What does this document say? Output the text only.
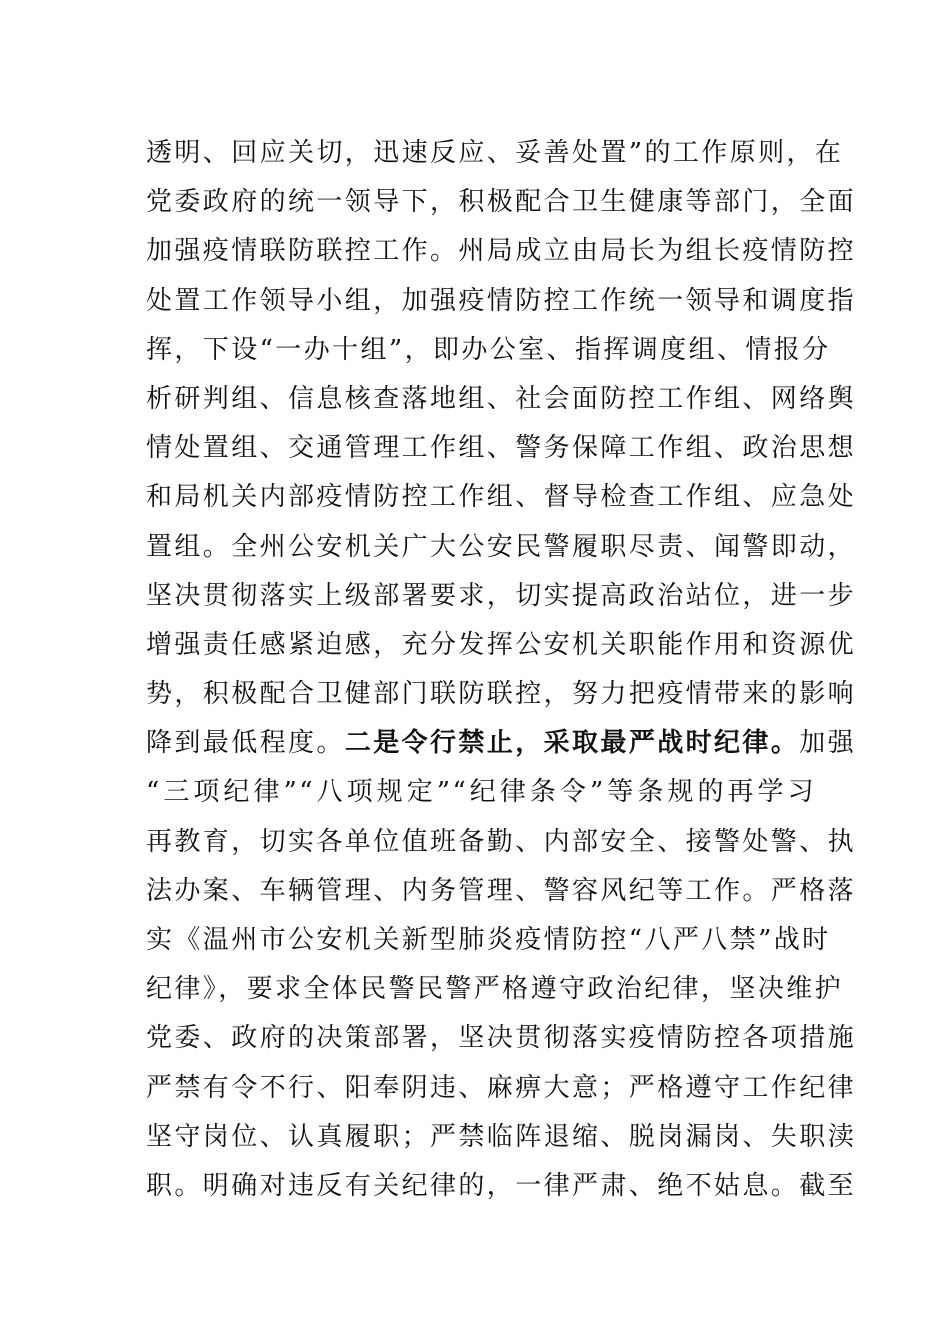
透明、回应关切，迅速反应、妥善处置”的工作原则，在
党委政府的统一领导下，积极配合卫生健康等部门，全面
加强疫情联防联控工作。州局成立由局长为组长疫情防控
处置工作领导小组，加强疫情防控工作统一领导和调度指
挥，下设“一办十组”，即办公室、指挥调度组、情报分
析研判组、信息核查落地组、社会面防控工作组、网络舆
情处置组、交通管理工作组、警务保障工作组、政治思想
和局机关内部疫情防控工作组、督导检查工作组、应急处
置组。全州公安机关广大公安民警履职尽责、闻警即动，
坚决贯彻落实上级部署要求，切实提高政治站位，进一步
增强责任感紧迫感，充分发挥公安机关职能作用和资源优
势，积极配合卫健部门联防联控，努力把疫情带来的影响
降到最低程度。二是令行禁止，采取最严战时纪律。加强
“三项纪律”“八项规定”“纪律条令”等条规的再学习
再教育，切实各单位值班备勤、内部安全、接警处警、执
法办案、车辆管理、内务管理、警容风纪等工作。严格落
实《温州市公安机关新型肺炎疫情防控“八严八禁”战时
纪律》，要求全体民警民警严格遵守政治纪律，坚决维护
党委、政府的决策部署，坚决贯彻落实疫情防控各项措施
严禁有令不行、阳奉阴违、麻痹大意；严格遵守工作纪律
坚守岗位、认真履职；严禁临阵退缩、脱岗漏岗、失职渎
职。明确对违反有关纪律的，一律严肃、绝不姑息。截至
